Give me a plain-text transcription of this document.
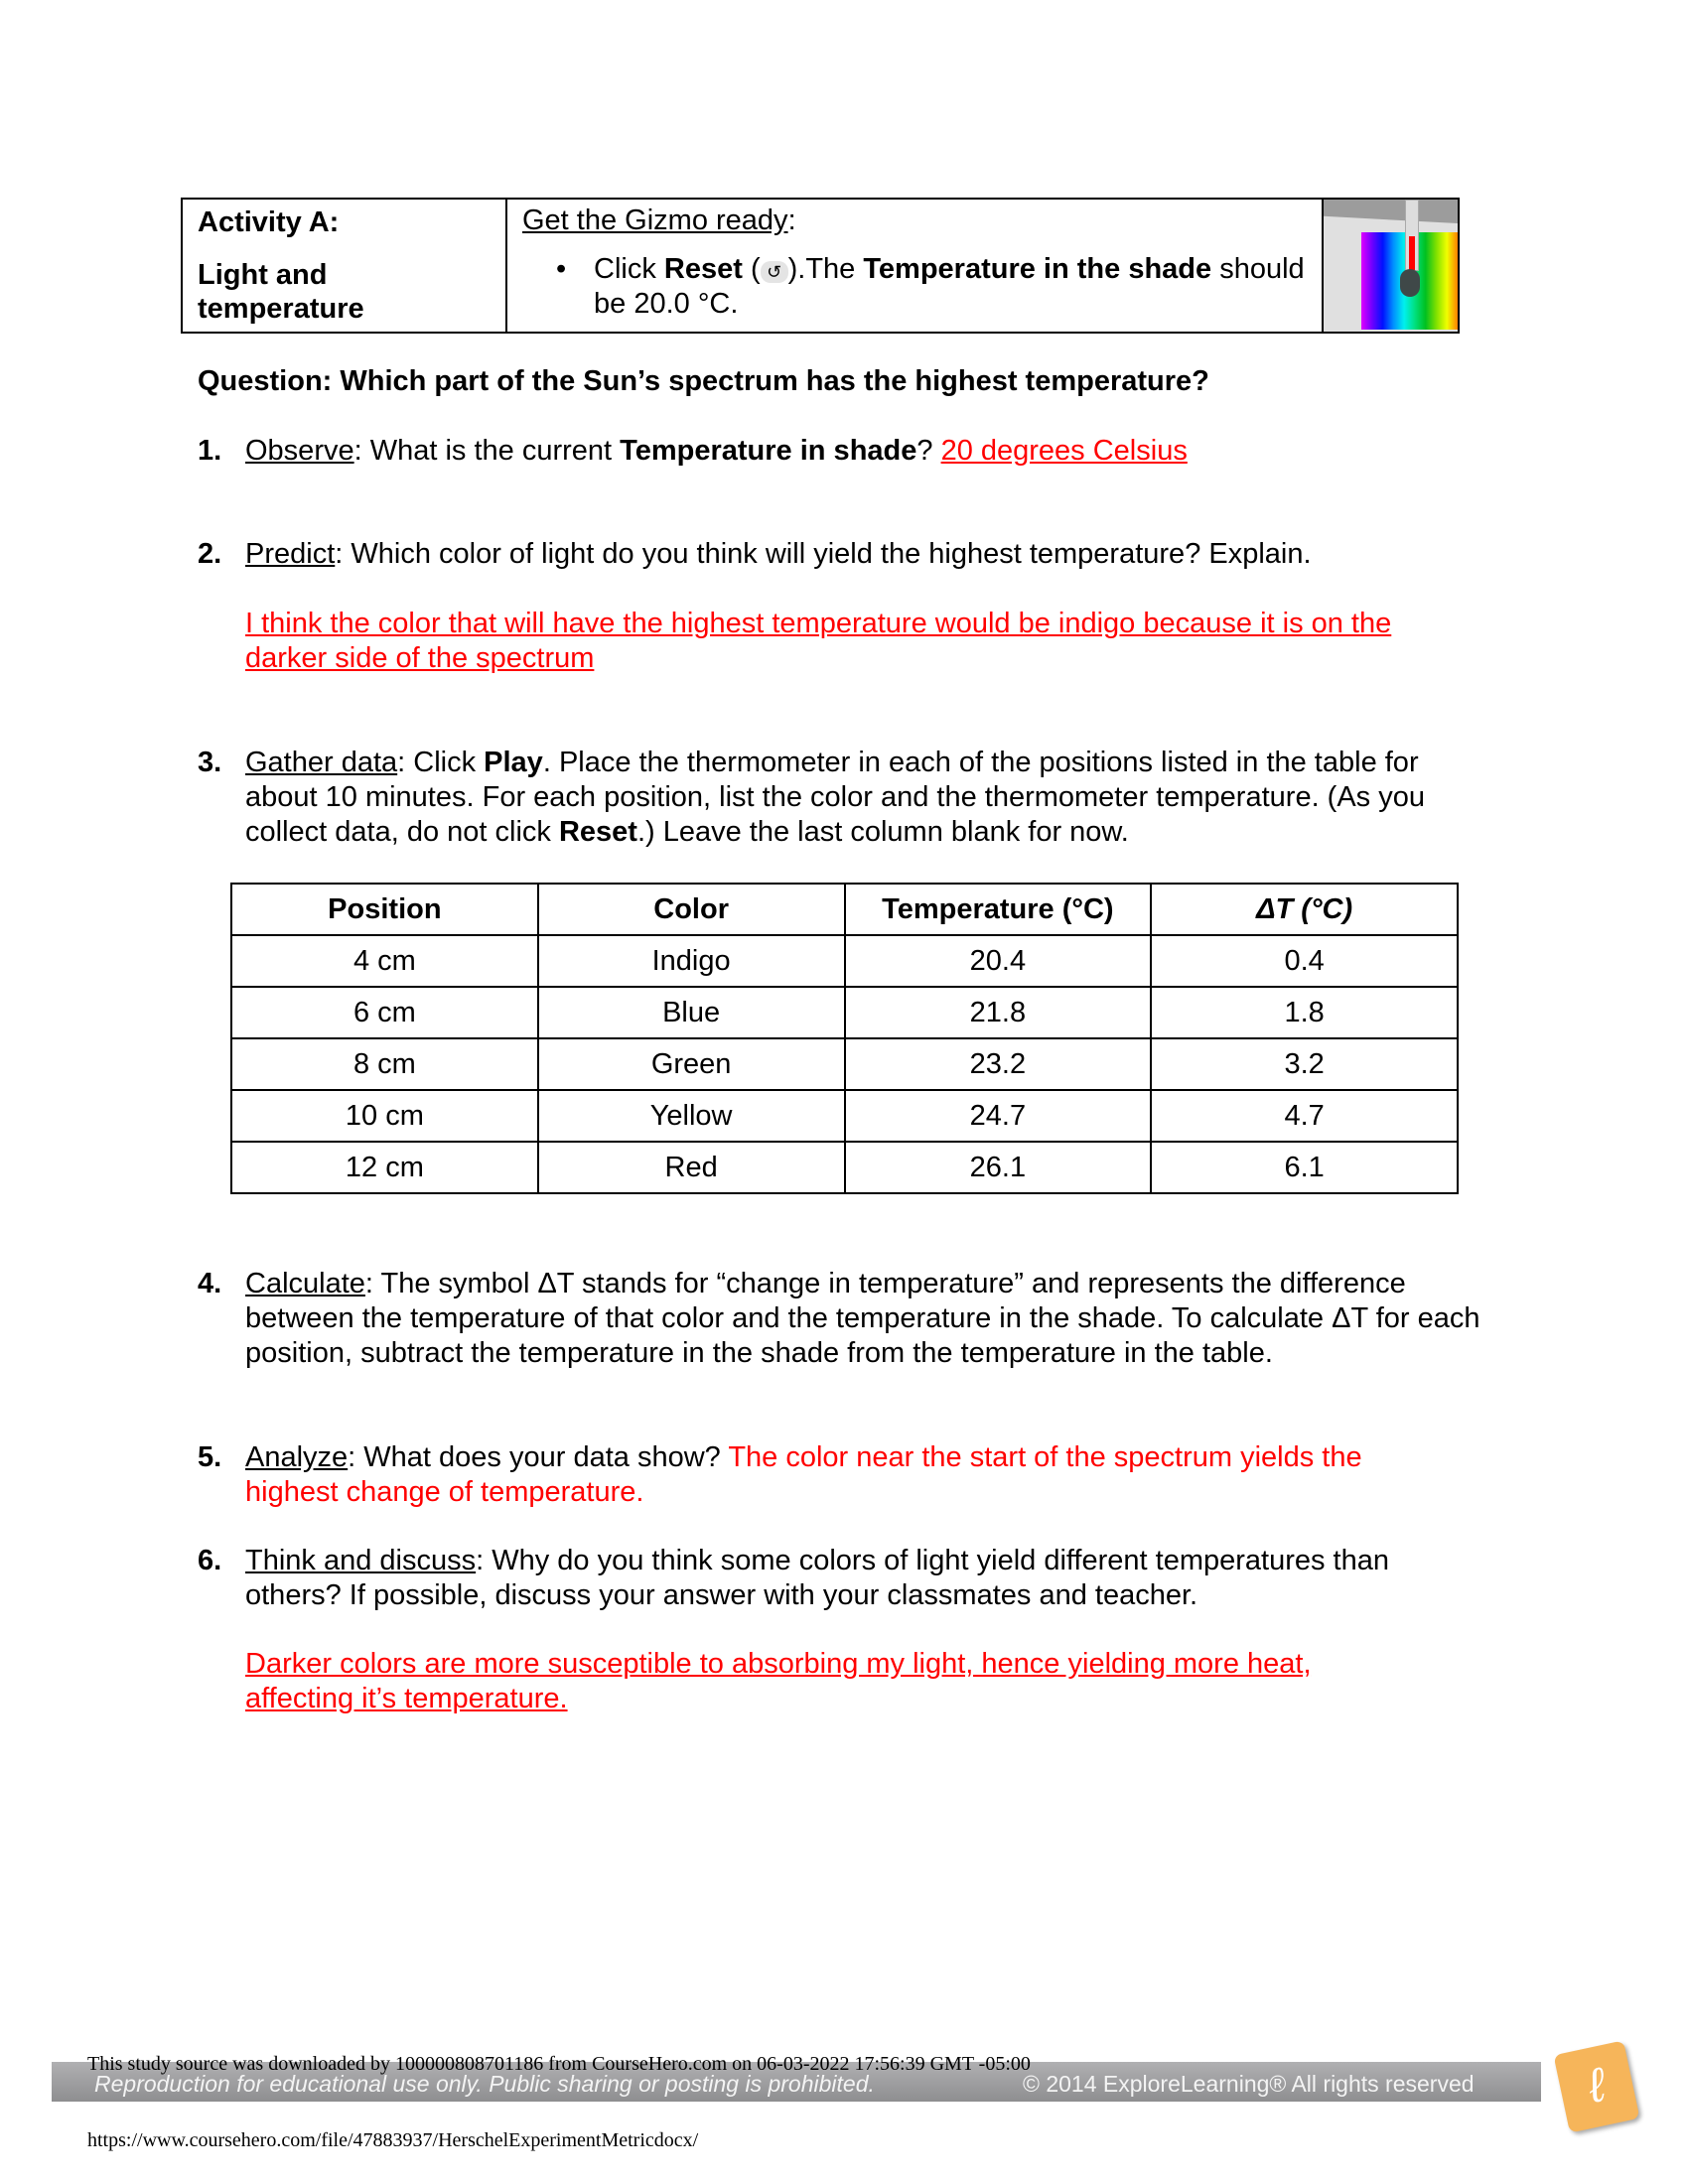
Activity A:
Light and temperature

Get the Gizmo ready:
• Click Reset ( ↺ ).The Temperature in the shade should be 20.0 °C.

Question: Which part of the Sun’s spectrum has the highest temperature?
1. Observe: What is the current Temperature in shade? 20 degrees Celsius
2. Predict: Which color of light do you think will yield the highest temperature? Explain.
I think the color that will have the highest temperature would be indigo because it is on the darker side of the spectrum
3. Gather data: Click Play. Place the thermometer in each of the positions listed in the table for about 10 minutes. For each position, list the color and the thermometer temperature. (As you collect data, do not click Reset.) Leave the last column blank for now.
Position	Color	Temperature (°C)	ΔT (°C)
4 cm	Indigo	20.4	0.4
6 cm	Blue	21.8	1.8
8 cm	Green	23.2	3.2
10 cm	Yellow	24.7	4.7
12 cm	Red	26.1	6.1
4. Calculate: The symbol ΔT stands for “change in temperature” and represents the difference between the temperature of that color and the temperature in the shade. To calculate ΔT for each position, subtract the temperature in the shade from the temperature in the table.
5. Analyze: What does your data show? The color near the start of the spectrum yields the highest change of temperature.
6. Think and discuss: Why do you think some colors of light yield different temperatures than others? If possible, discuss your answer with your classmates and teacher.
Darker colors are more susceptible to absorbing my light, hence yielding more heat, affecting it’s temperature.
Reproduction for educational use only. Public sharing or posting is prohibited.	© 2014 ExploreLearning® All rights reserved
This study source was downloaded by 100000808701186 from CourseHero.com on 06-03-2022 17:56:39 GMT -05:00	ℓ
https://www.coursehero.com/file/47883937/HerschelExperimentMetricdocx/
